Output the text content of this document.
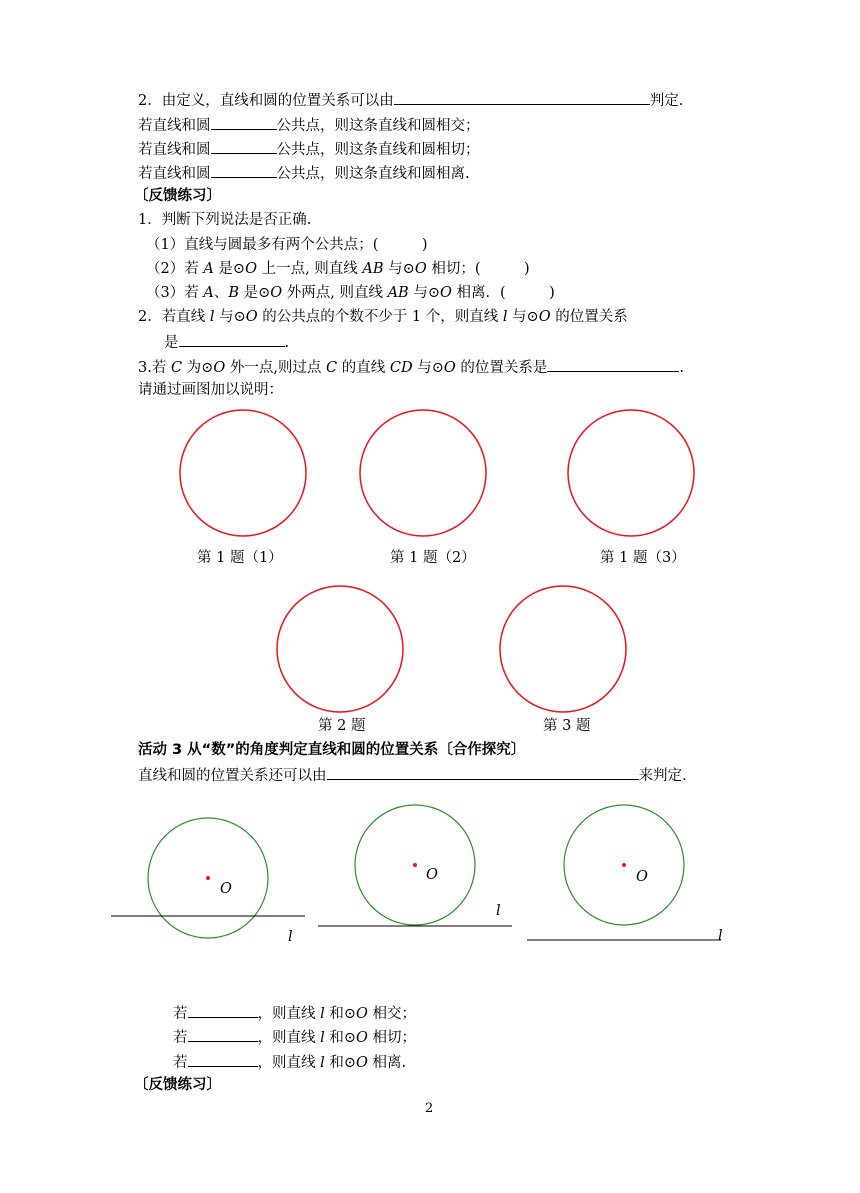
2．由定义，直线和圆的位置关系可以由	判定.
若直线和圆	公共点，则这条直线和圆相交；
若直线和圆	公共点，则这条直线和圆相切；
若直线和圆	公共点，则这条直线和圆相离.
〔反馈练习〕
1．判断下列说法是否正确.
（1）直线与圆最多有两个公共点；(　　　)
（2）若 A 是⊙O 上一点, 则直线 AB 与⊙O 相切；(　　　)
（3）若 A、B 是⊙O 外两点, 则直线 AB 与⊙O 相离．(　　　)
2．若直线 l 与⊙O 的公共点的个数不少于 1 个，则直线 l 与⊙O 的位置关系
是	.
3.若 C 为⊙O 外一点,则过点 C 的直线 CD 与⊙O 的位置关系是	.
请通过画图加以说明：
第 1 题（1）	第 1 题（2）	第 1 题（3）
第 2 题	第 3 题
活动 3 从“数”的角度判定直线和圆的位置关系〔合作探究〕
直线和圆的位置关系还可以由	来判定.
O
l
O
l
O
l
若	，则直线 l 和⊙O 相交；
若	，则直线 l 和⊙O 相切；
若	，则直线 l 和⊙O 相离.
〔反馈练习〕
2
